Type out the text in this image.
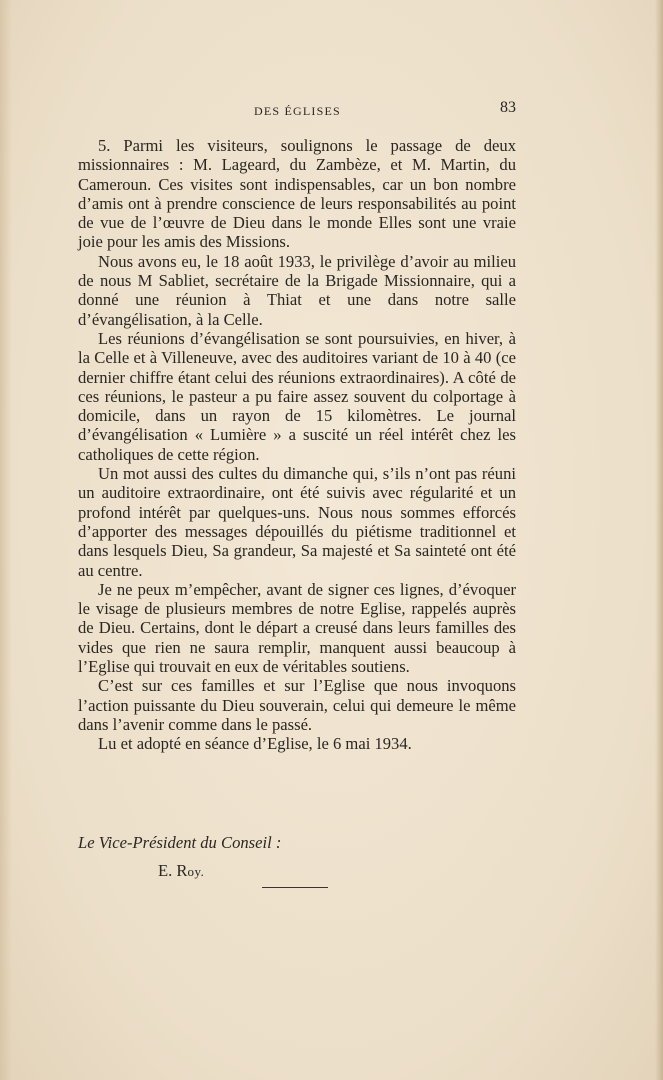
DES ÉGLISES	83

5. Parmi les visiteurs, soulignons le passage de deux missionnaires : M. Lageard, du Zambèze, et M. Martin, du Cameroun. Ces visites sont indispensables, car un bon nombre d’amis ont à prendre conscience de leurs responsabilités au point de vue de l’œuvre de Dieu dans le monde Elles sont une vraie joie pour les amis des Missions.

Nous avons eu, le 18 août 1933, le privilège d’avoir au milieu de nous M Sabliet, secrétaire de la Brigade Missionnaire, qui a donné une réunion à Thiat et une dans notre salle d’évangélisation, à la Celle.

Les réunions d’évangélisation se sont poursuivies, en hiver, à la Celle et à Villeneuve, avec des auditoires variant de 10 à 40 (ce dernier chiffre étant celui des réunions extraordinaires). A côté de ces réunions, le pasteur a pu faire assez souvent du colportage à domicile, dans un rayon de 15 kilomètres. Le journal d’évangélisation « Lumière » a suscité un réel intérêt chez les catholiques de cette région.

Un mot aussi des cultes du dimanche qui, s’ils n’ont pas réuni un auditoire extraordinaire, ont été suivis avec régularité et un profond intérêt par quelques-uns. Nous nous sommes efforcés d’apporter des messages dépouillés du piétisme traditionnel et dans lesquels Dieu, Sa grandeur, Sa majesté et Sa sainteté ont été au centre.

Je ne peux m’empêcher, avant de signer ces lignes, d’évoquer le visage de plusieurs membres de notre Eglise, rappelés auprès de Dieu. Certains, dont le départ a creusé dans leurs familles des vides que rien ne saura remplir, manquent aussi beaucoup à l’Eglise qui trouvait en eux de véritables soutiens.

C’est sur ces familles et sur l’Eglise que nous invoquons l’action puissante du Dieu souverain, celui qui demeure le même dans l’avenir comme dans le passé.

Lu et adopté en séance d’Eglise, le 6 mai 1934.

Le Vice-Président du Conseil :
E. Roy.
